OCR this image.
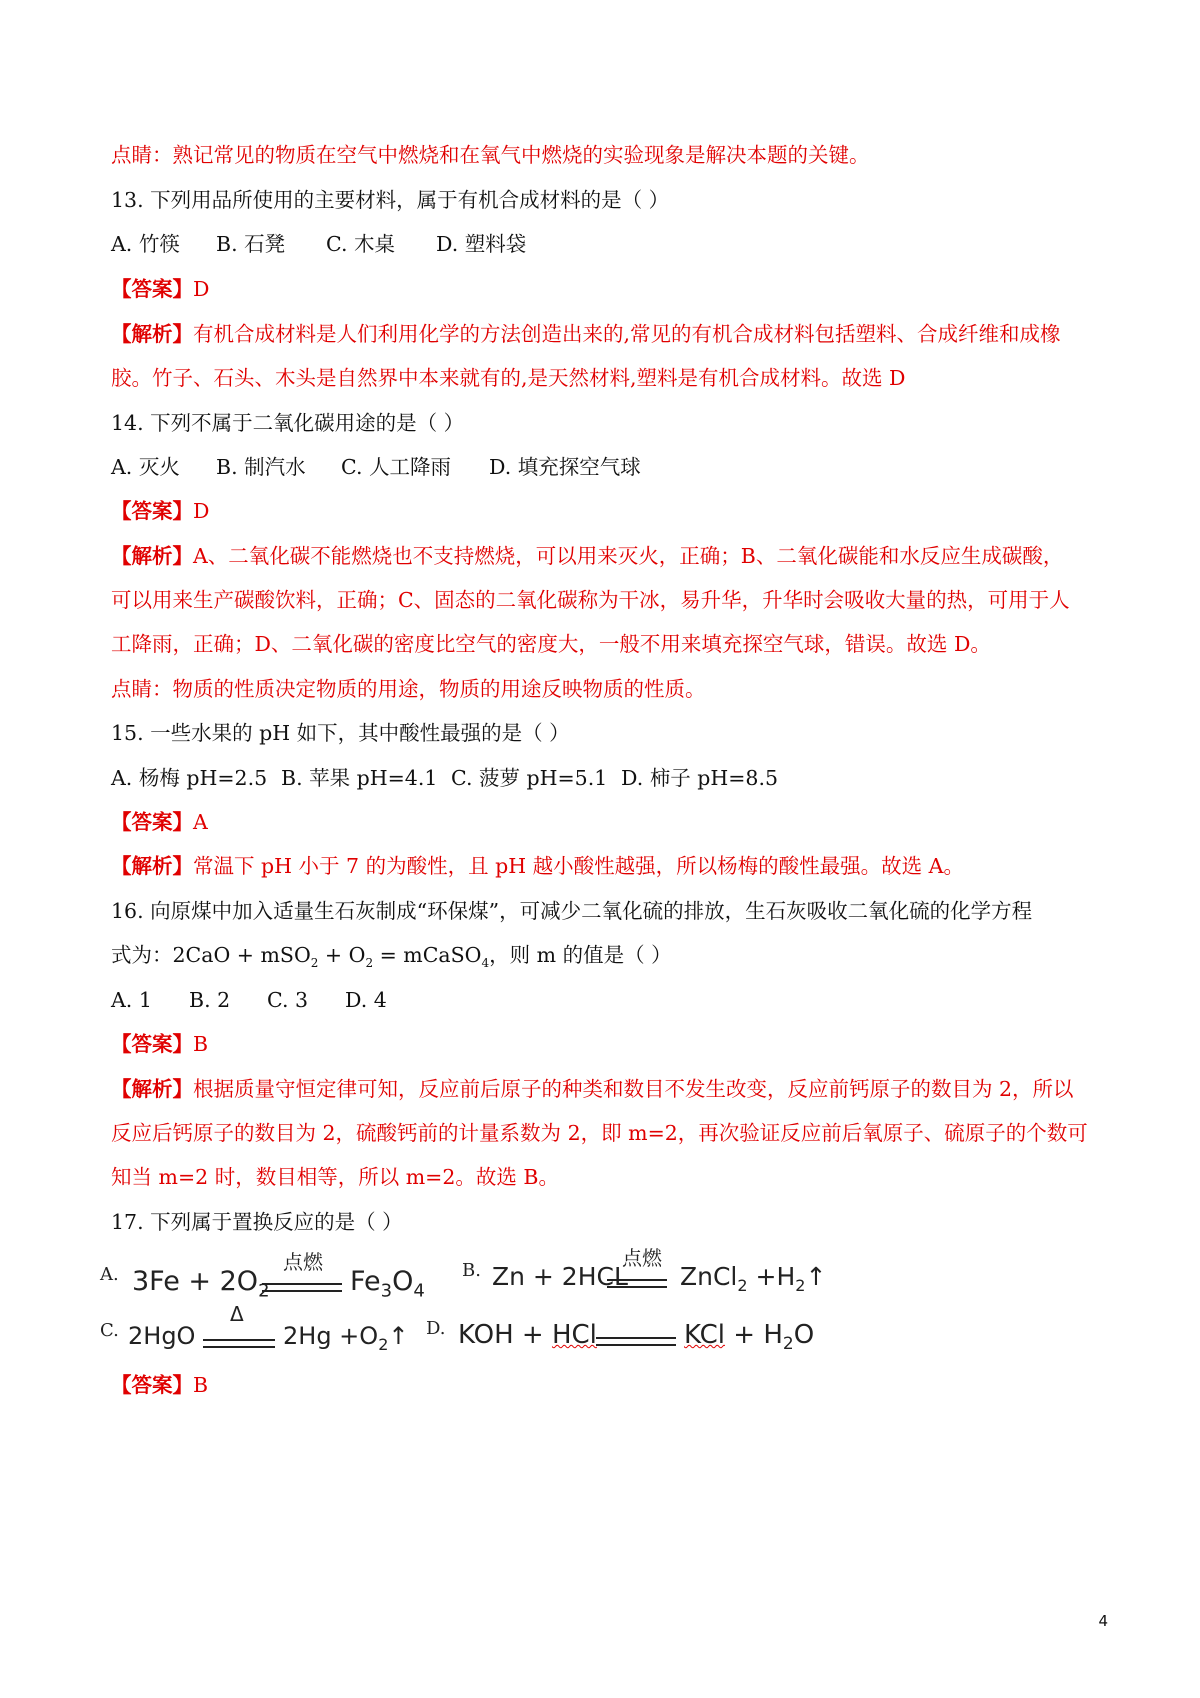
点睛：熟记常见的物质在空气中燃烧和在氧气中燃烧的实验现象是解决本题的关键。
13. 下列用品所使用的主要材料，属于有机合成材料的是（ ）
A. 竹筷 B. 石凳 C. 木桌 D. 塑料袋
【答案】D
【解析】有机合成材料是人们利用化学的方法创造出来的,常见的有机合成材料包括塑料、合成纤维和成橡
胶。竹子、石头、木头是自然界中本来就有的,是天然材料,塑料是有机合成材料。故选 D
14. 下列不属于二氧化碳用途的是（ ）
A. 灭火 B. 制汽水 C. 人工降雨 D. 填充探空气球
【答案】D
【解析】A、二氧化碳不能燃烧也不支持燃烧，可以用来灭火，正确；B、二氧化碳能和水反应生成碳酸，
可以用来生产碳酸饮料，正确；C、固态的二氧化碳称为干冰，易升华，升华时会吸收大量的热，可用于人
工降雨，正确；D、二氧化碳的密度比空气的密度大，一般不用来填充探空气球，错误。故选 D。
点睛：物质的性质决定物质的用途，物质的用途反映物质的性质。
15. 一些水果的 pH 如下，其中酸性最强的是（ ）
A. 杨梅 pH=2.5 B. 苹果 pH=4.1 C. 菠萝 pH=5.1 D. 柿子 pH=8.5
【答案】A
【解析】常温下 pH 小于 7 的为酸性，且 pH 越小酸性越强，所以杨梅的酸性最强。故选 A。
16. 向原煤中加入适量生石灰制成“环保煤”，可减少二氧化硫的排放，生石灰吸收二氧化硫的化学方程
式为：$2CaO + mSO_2 + O_2$ = mCaSO$_4$，则 m 的值是（ ）
A. 1 B. 2 C. 3 D. 4
【答案】B
【解析】根据质量守恒定律可知，反应前后原子的种类和数目不发生改变，反应前钙原子的数目为 2，所以
反应后钙原子的数目为 2，硫酸钙前的计量系数为 2，即 m=2，再次验证反应前后氧原子、硫原子的个数可
知当 m=2 时，数目相等，所以 m=2。故选 B。
17. 下列属于置换反应的是（ ）
A. $3Fe + 2O_2$
点燃
$Fe_3O_4$
B. Zn + 2HCL
点燃
ZnCl$_2$ $+H_2↑$
C. 2HgO
Δ
$2Hg +O_2↑$ D. KOH + HCl	KCl + $H_2O$
【答案】B
4
